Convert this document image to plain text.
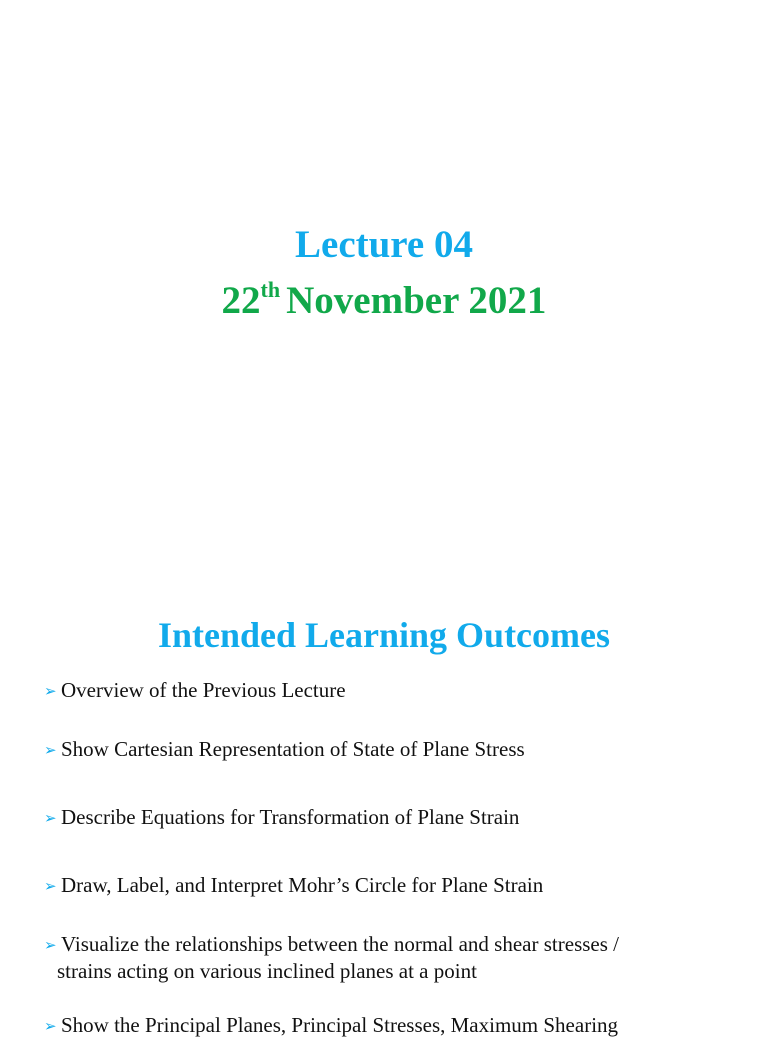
Lecture 04
22th November 2021
Intended Learning Outcomes
➢ Overview of the Previous Lecture
➢ Show Cartesian Representation of State of Plane Stress
➢ Describe Equations for Transformation of Plane Strain
➢ Draw, Label, and Interpret Mohr’s Circle for Plane Strain
➢ Visualize the relationships between the normal and shear stresses /
strains acting on various inclined planes at a point
➢ Show the Principal Planes, Principal Stresses, Maximum Shearing
